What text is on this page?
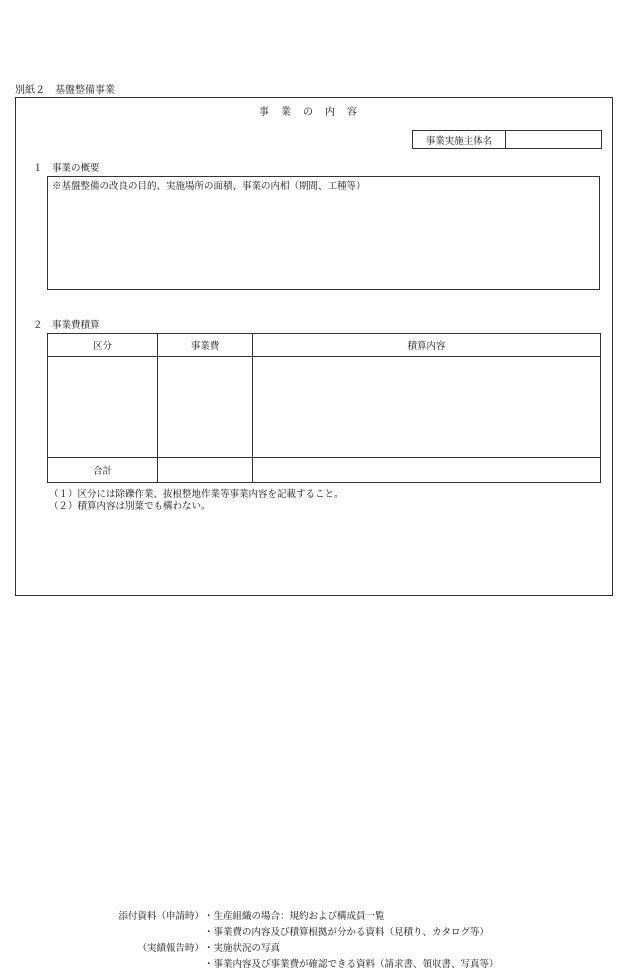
別紙２　基盤整備事業
事業の内容
事業実施主体名
１　事業の概要
※基盤整備の改良の目的、実施場所の面積、事業の内相（期間、工種等）
２　事業費積算
区分	事業費	積算内容

合計		
（１）区分には除礫作業、抜根整地作業等事業内容を記載すること。
（２）積算内容は別葉でも構わない。
添付資料（申請時） ・生産組織の場合：規約および構成員一覧
・事業費の内容及び積算根拠が分かる資料（見積り、カタログ等）
（実績報告時） ・実施状況の写真
・事業内容及び事業費が確認できる資料（請求書、領収書、写真等）
